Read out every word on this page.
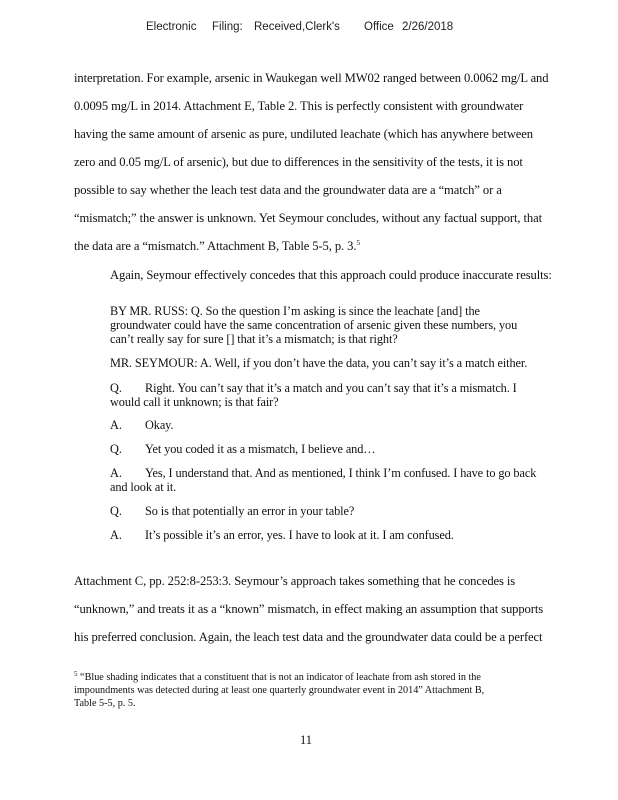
Electronic Filing: Received,Clerk's Office 2/26/2018
interpretation. For example, arsenic in Waukegan well MW02 ranged between 0.0062 mg/L and
0.0095 mg/L in 2014. Attachment E, Table 2. This is perfectly consistent with groundwater
having the same amount of arsenic as pure, undiluted leachate (which has anywhere between
zero and 0.05 mg/L of arsenic), but due to differences in the sensitivity of the tests, it is not
possible to say whether the leach test data and the groundwater data are a “match” or a
“mismatch;” the answer is unknown. Yet Seymour concludes, without any factual support, that
the data are a “mismatch.” Attachment B, Table 5-5, p. 3.$^5$
Again, Seymour effectively concedes that this approach could produce inaccurate results:
BY MR. RUSS: Q. So the question I’m asking is since the leachate [and] the
groundwater could have the same concentration of arsenic given these numbers, you
can’t really say for sure [] that it’s a mismatch; is that right?
MR. SEYMOUR: A. Well, if you don’t have the data, you can’t say it’s a match either.
Q. Right. You can’t say that it’s a match and you can’t say that it’s a mismatch. I
would call it unknown; is that fair?
A. Okay.
Q. Yet you coded it as a mismatch, I believe and…
A. Yes, I understand that. And as mentioned, I think I’m confused. I have to go back
and look at it.
Q. So is that potentially an error in your table?
A. It’s possible it’s an error, yes. I have to look at it. I am confused.
Attachment C, pp. 252:8-253:3. Seymour’s approach takes something that he concedes is
“unknown,” and treats it as a “known” mismatch, in effect making an assumption that supports
his preferred conclusion. Again, the leach test data and the groundwater data could be a perfect
$^5$ “Blue shading indicates that a constituent that is not an indicator of leachate from ash stored in the
impoundments was detected during at least one quarterly groundwater event in 2014” Attachment B,
Table 5-5, p. 5.
11
